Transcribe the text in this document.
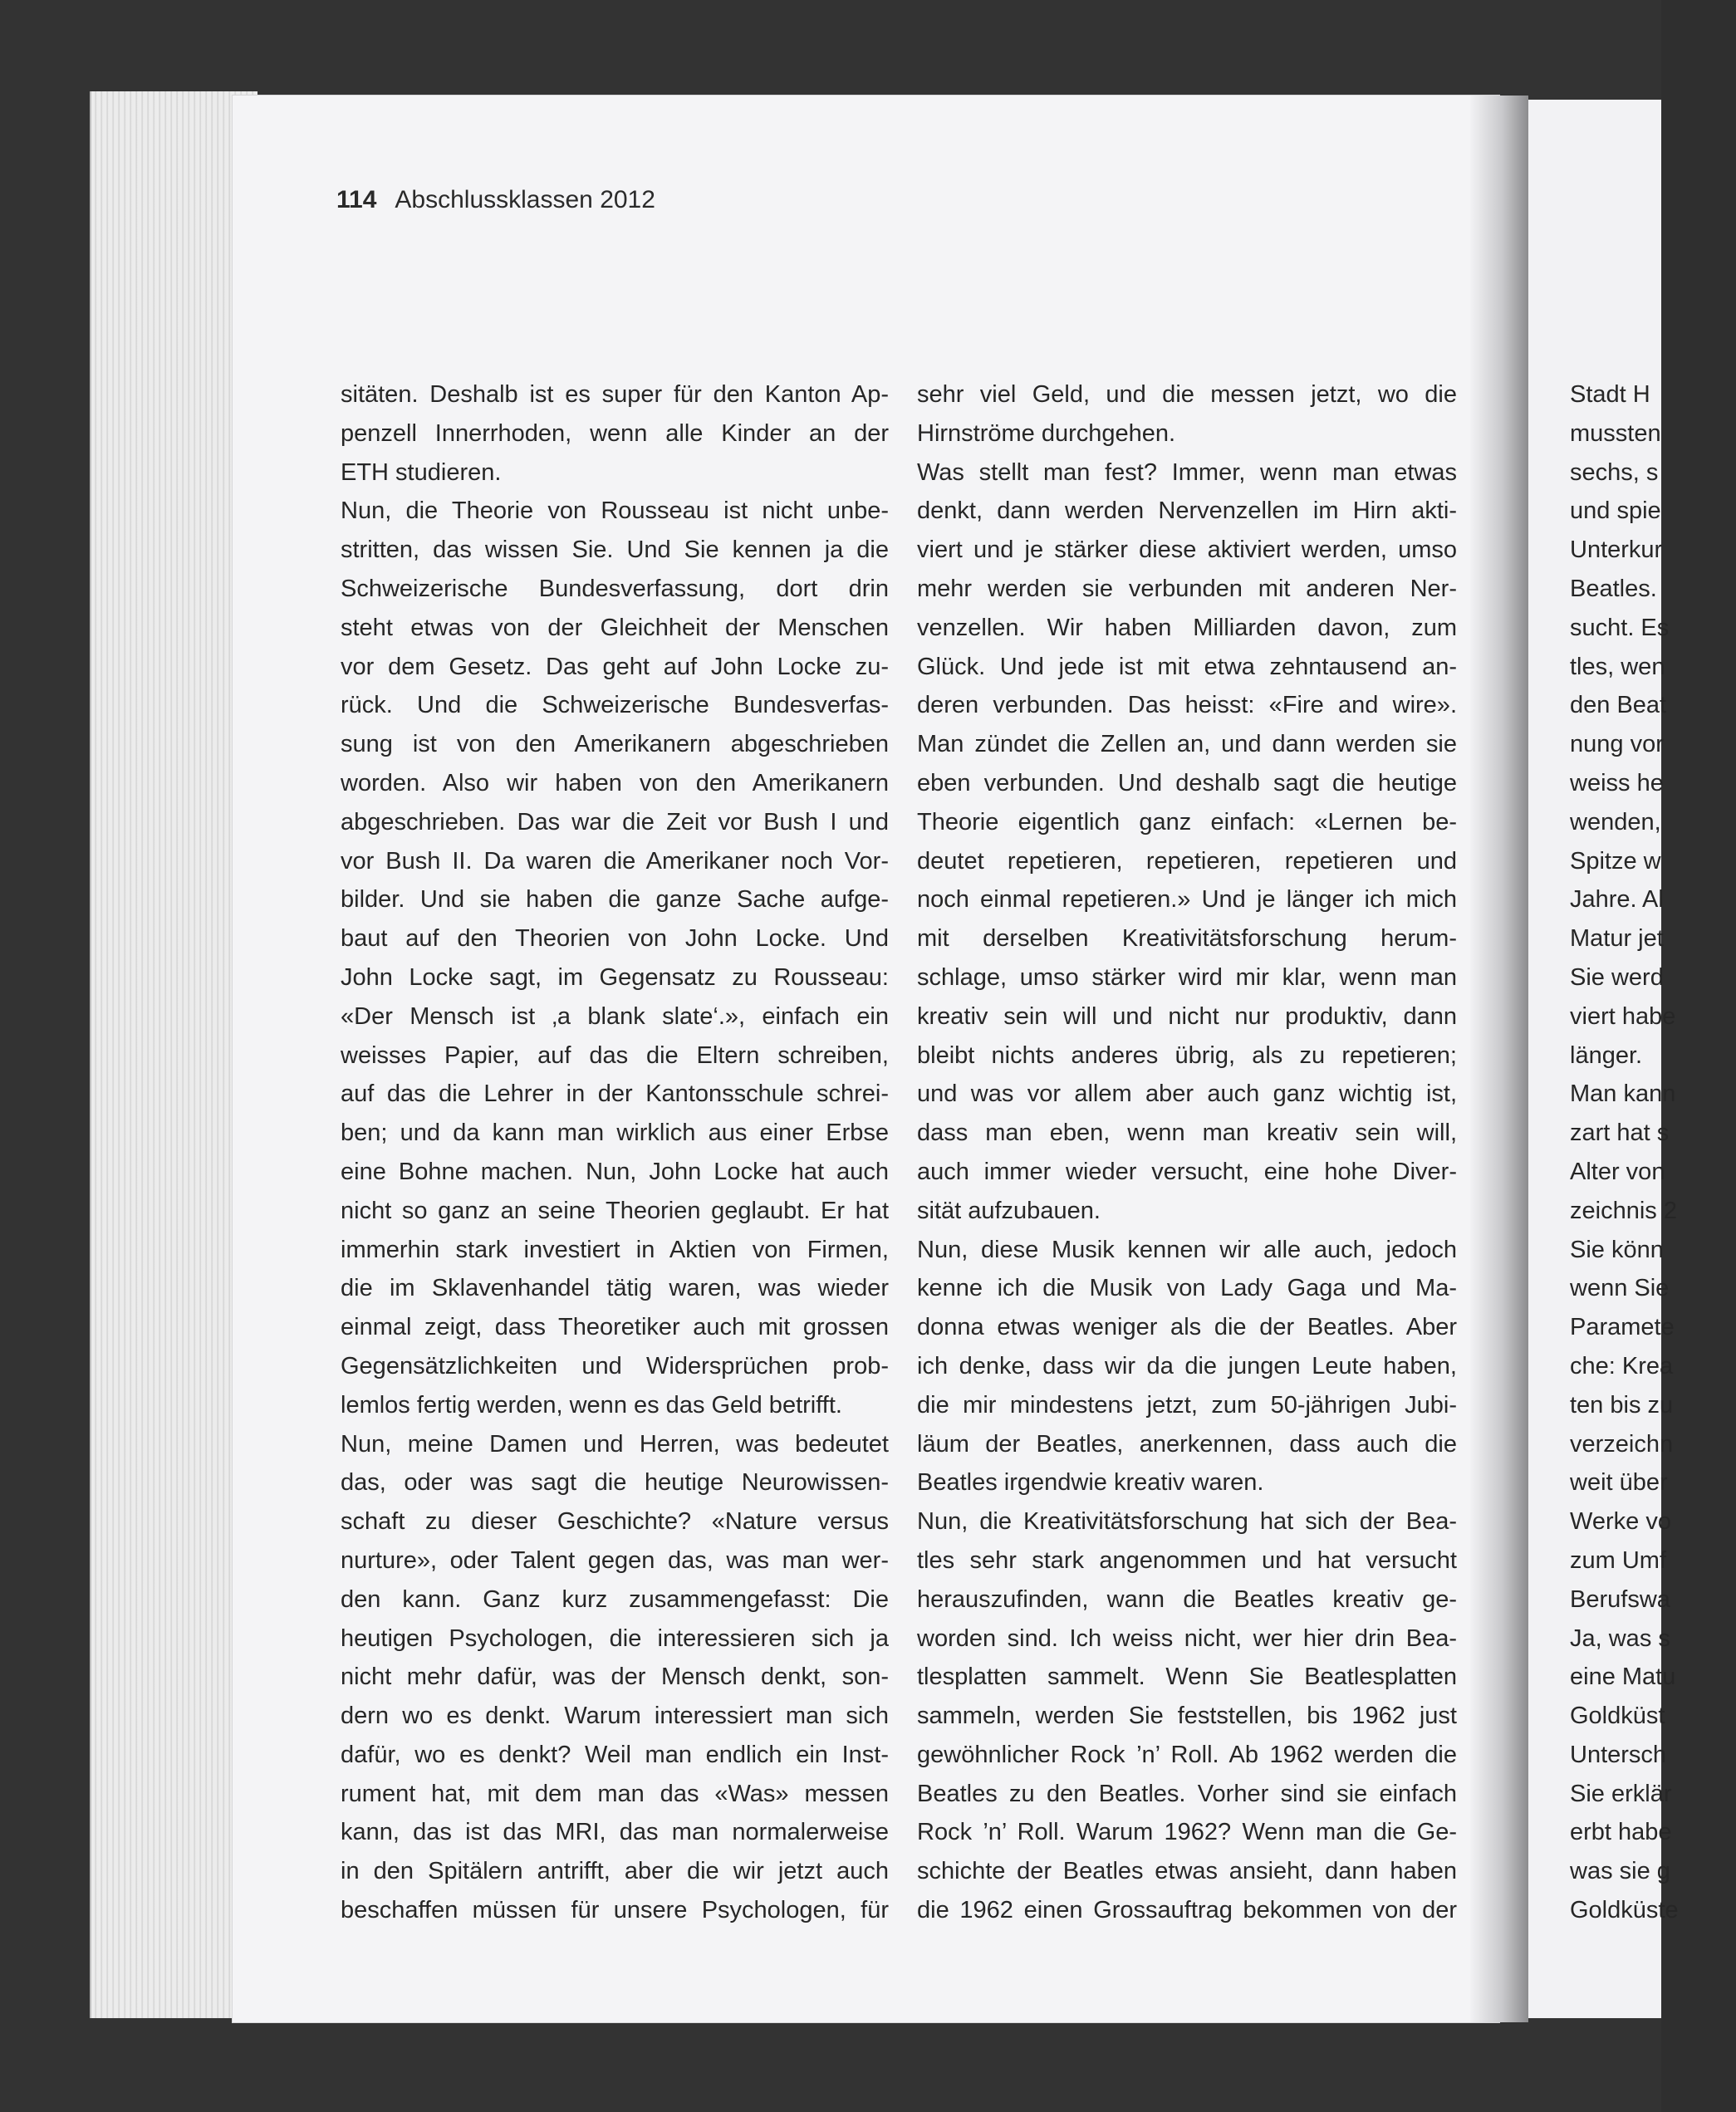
114 Abschlussklassen 2012
sitäten. Deshalb ist es super für den Kanton Ap-
penzell Innerrhoden, wenn alle Kinder an der
ETH studieren.
Nun, die Theorie von Rousseau ist nicht unbe-
stritten, das wissen Sie. Und Sie kennen ja die
Schweizerische Bundesverfassung, dort drin
steht etwas von der Gleichheit der Menschen
vor dem Gesetz. Das geht auf John Locke zu-
rück. Und die Schweizerische Bundesverfas-
sung ist von den Amerikanern abgeschrieben
worden. Also wir haben von den Amerikanern
abgeschrieben. Das war die Zeit vor Bush I und
vor Bush II. Da waren die Amerikaner noch Vor-
bilder. Und sie haben die ganze Sache aufge-
baut auf den Theorien von John Locke. Und
John Locke sagt, im Gegensatz zu Rousseau:
«Der Mensch ist ‚a blank slate‘.», einfach ein
weisses Papier, auf das die Eltern schreiben,
auf das die Lehrer in der Kantonsschule schrei-
ben; und da kann man wirklich aus einer Erbse
eine Bohne machen. Nun, John Locke hat auch
nicht so ganz an seine Theorien geglaubt. Er hat
immerhin stark investiert in Aktien von Firmen,
die im Sklavenhandel tätig waren, was wieder
einmal zeigt, dass Theoretiker auch mit grossen
Gegensätzlichkeiten und Widersprüchen prob-
lemlos fertig werden, wenn es das Geld betrifft.
Nun, meine Damen und Herren, was bedeutet
das, oder was sagt die heutige Neurowissen-
schaft zu dieser Geschichte? «Nature versus
nurture», oder Talent gegen das, was man wer-
den kann. Ganz kurz zusammengefasst: Die
heutigen Psychologen, die interessieren sich ja
nicht mehr dafür, was der Mensch denkt, son-
dern wo es denkt. Warum interessiert man sich
dafür, wo es denkt? Weil man endlich ein Inst-
rument hat, mit dem man das «Was» messen
kann, das ist das MRI, das man normalerweise
in den Spitälern antrifft, aber die wir jetzt auch
beschaffen müssen für unsere Psychologen, für
sehr viel Geld, und die messen jetzt, wo die
Hirnströme durchgehen.
Was stellt man fest? Immer, wenn man etwas
denkt, dann werden Nervenzellen im Hirn akti-
viert und je stärker diese aktiviert werden, umso
mehr werden sie verbunden mit anderen Ner-
venzellen. Wir haben Milliarden davon, zum
Glück. Und jede ist mit etwa zehntausend an-
deren verbunden. Das heisst: «Fire and wire».
Man zündet die Zellen an, und dann werden sie
eben verbunden. Und deshalb sagt die heutige
Theorie eigentlich ganz einfach: «Lernen be-
deutet repetieren, repetieren, repetieren und
noch einmal repetieren.» Und je länger ich mich
mit derselben Kreativitätsforschung herum-
schlage, umso stärker wird mir klar, wenn man
kreativ sein will und nicht nur produktiv, dann
bleibt nichts anderes übrig, als zu repetieren;
und was vor allem aber auch ganz wichtig ist,
dass man eben, wenn man kreativ sein will,
auch immer wieder versucht, eine hohe Diver-
sität aufzubauen.
Nun, diese Musik kennen wir alle auch, jedoch
kenne ich die Musik von Lady Gaga und Ma-
donna etwas weniger als die der Beatles. Aber
ich denke, dass wir da die jungen Leute haben,
die mir mindestens jetzt, zum 50-jährigen Jubi-
läum der Beatles, anerkennen, dass auch die
Beatles irgendwie kreativ waren.
Nun, die Kreativitätsforschung hat sich der Bea-
tles sehr stark angenommen und hat versucht
herauszufinden, wann die Beatles kreativ ge-
worden sind. Ich weiss nicht, wer hier drin Bea-
tlesplatten sammelt. Wenn Sie Beatlesplatten
sammeln, werden Sie feststellen, bis 1962 just
gewöhnlicher Rock ’n’ Roll. Ab 1962 werden die
Beatles zu den Beatles. Vorher sind sie einfach
Rock ’n’ Roll. Warum 1962? Wenn man die Ge-
schichte der Beatles etwas ansieht, dann haben
die 1962 einen Grossauftrag bekommen von der
Stadt H
mussten
sechs, s
und spie
Unterkur
Beatles.
sucht. Es
tles, wen
den Beat
nung vor
weiss he
wenden,
Spitze w
Jahre. Al
Matur jet
Sie werd
viert habe
länger.
Man kann
zart hat s
Alter von
zeichnis 2
Sie könn
wenn Sie
Paramete
che: Krea
ten bis zu
verzeichn
weit über
Werke vo
zum Umf
Berufswa
Ja, was s
eine Matu
Goldküst
Untersch
Sie erklär
erbt habe
was sie g
Goldküste
